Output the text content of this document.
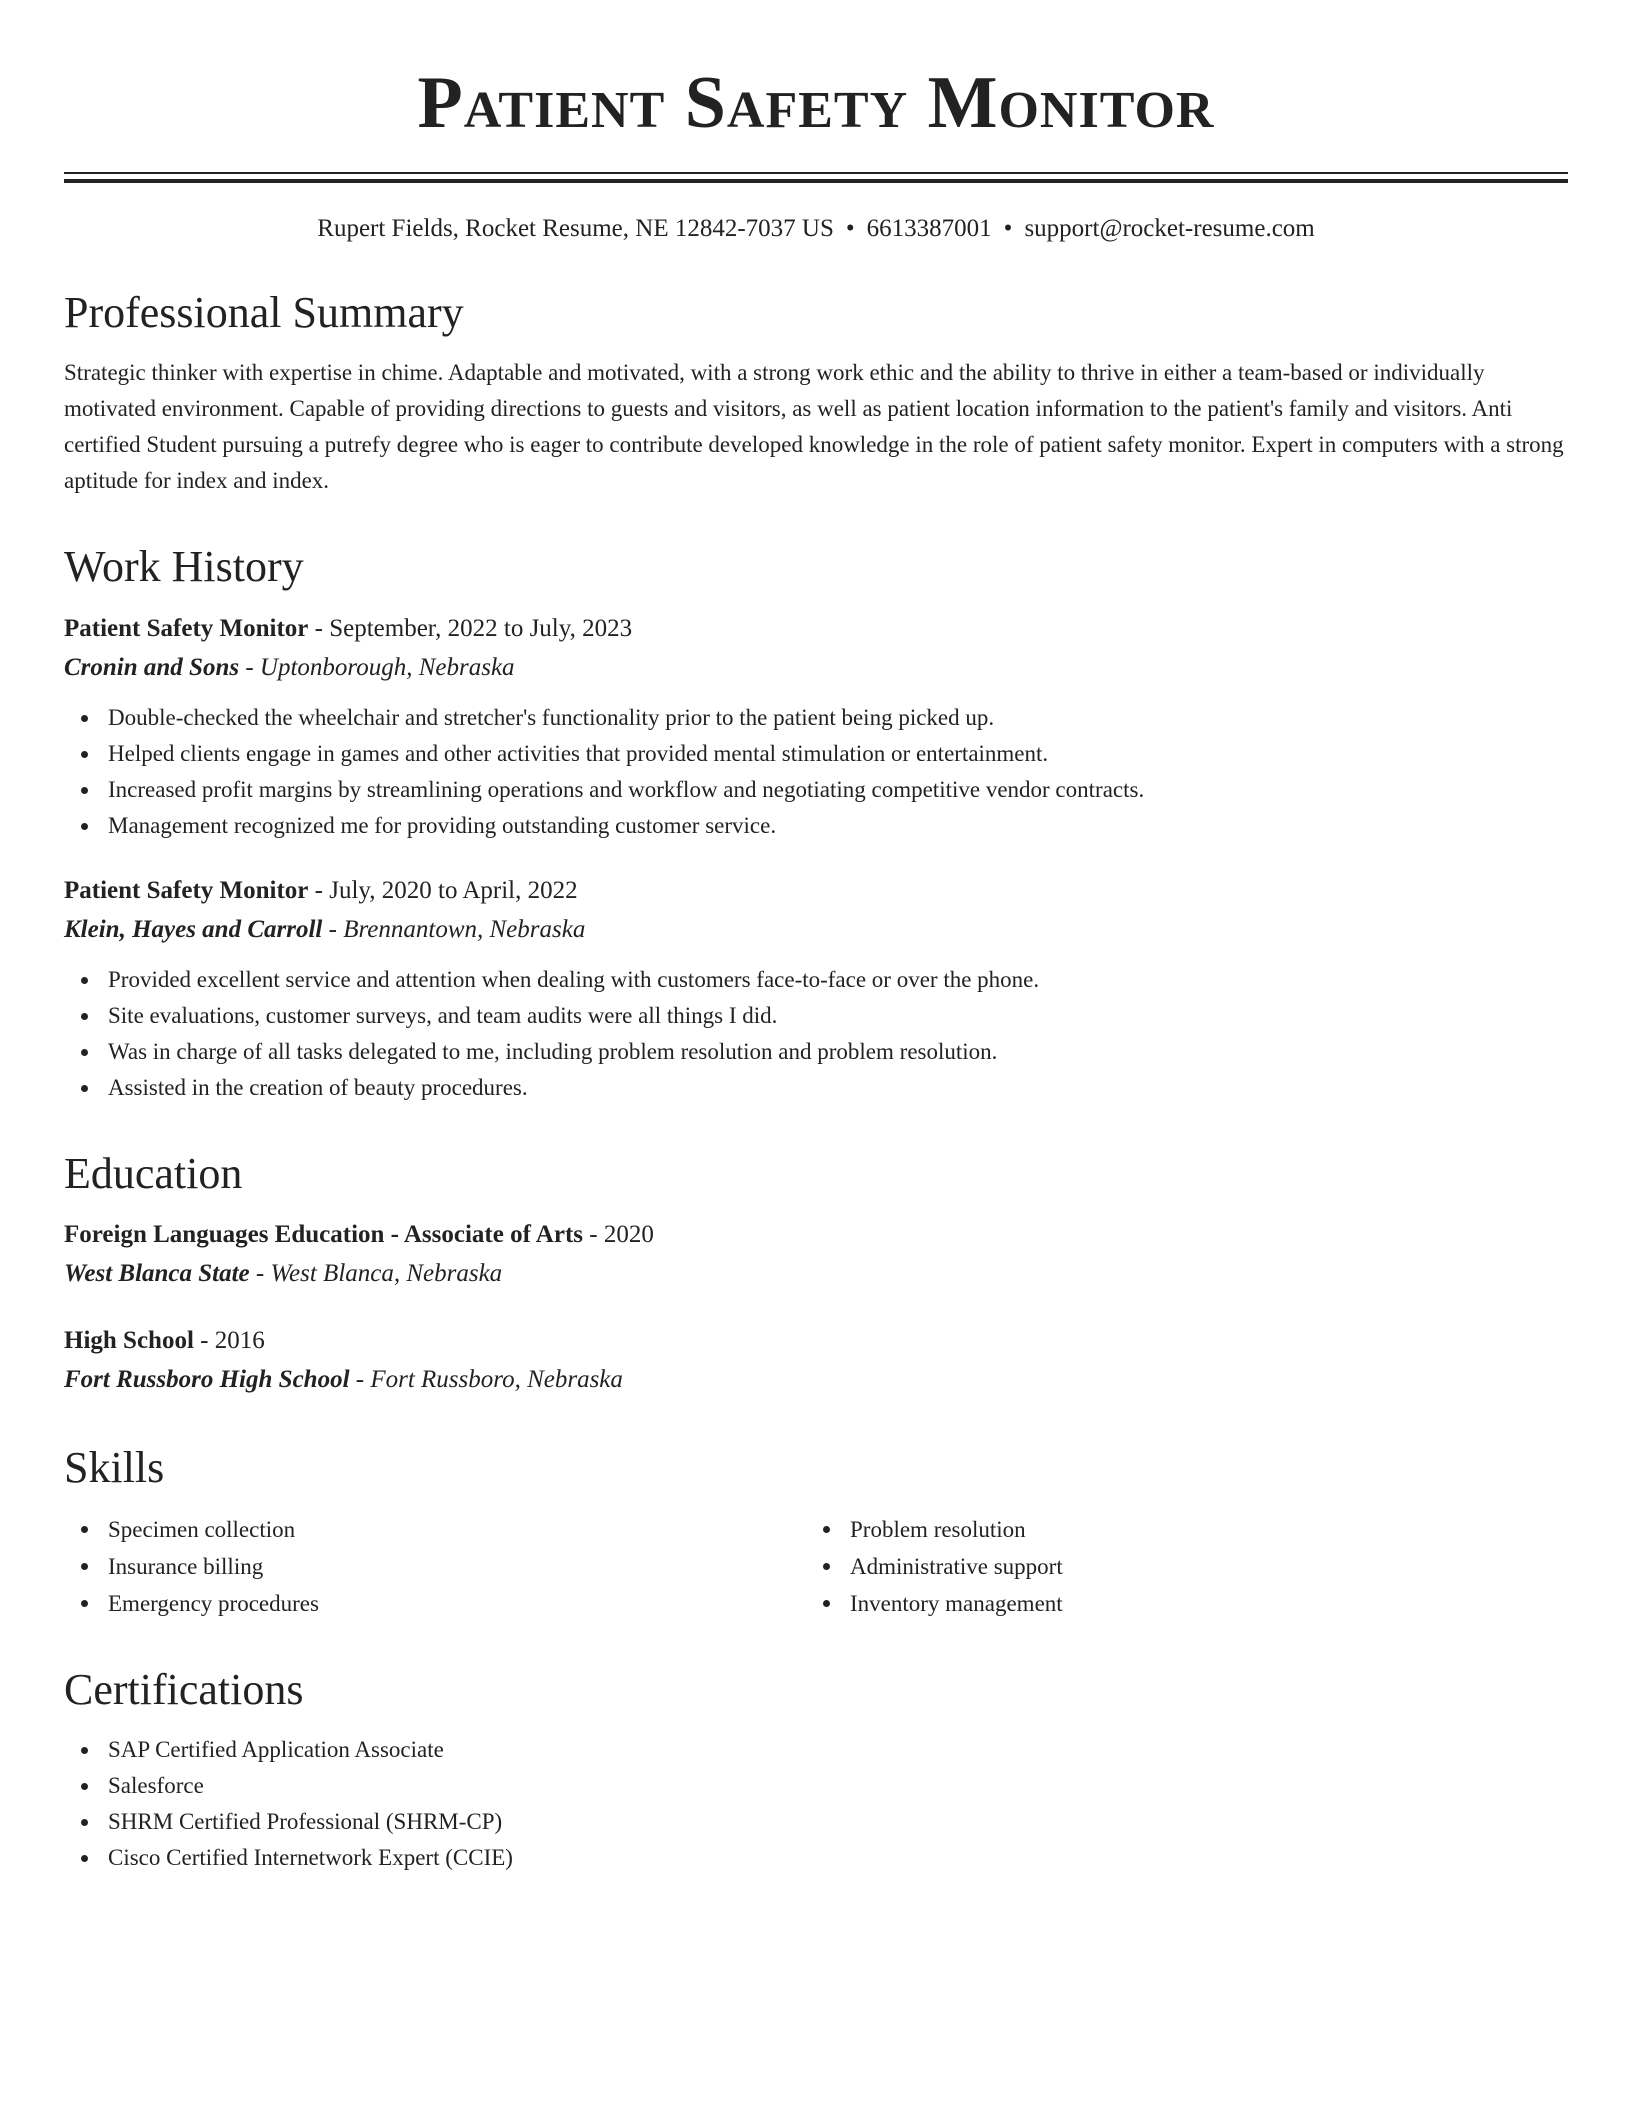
Patient Safety Monitor
Rupert Fields, Rocket Resume, NE 12842-7037 US • 6613387001 • support@rocket-resume.com
Professional Summary

Strategic thinker with expertise in chime. Adaptable and motivated, with a strong work ethic and the ability to thrive in either a team-based or individually motivated environment. Capable of providing directions to guests and visitors, as well as patient location information to the patient's family and visitors. Anti certified Student pursuing a putrefy degree who is eager to contribute developed knowledge in the role of patient safety monitor. Expert in computers with a strong aptitude for index and index.

Work History
Patient Safety Monitor - September, 2022 to July, 2023
Cronin and Sons - Uptonborough, Nebraska
Double-checked the wheelchair and stretcher's functionality prior to the patient being picked up.
Helped clients engage in games and other activities that provided mental stimulation or entertainment.
Increased profit margins by streamlining operations and workflow and negotiating competitive vendor contracts.
Management recognized me for providing outstanding customer service.
Patient Safety Monitor - July, 2020 to April, 2022
Klein, Hayes and Carroll - Brennantown, Nebraska
Provided excellent service and attention when dealing with customers face-to-face or over the phone.
Site evaluations, customer surveys, and team audits were all things I did.
Was in charge of all tasks delegated to me, including problem resolution and problem resolution.
Assisted in the creation of beauty procedures.
Education
Foreign Languages Education - Associate of Arts - 2020
West Blanca State - West Blanca, Nebraska
High School - 2016
Fort Russboro High School - Fort Russboro, Nebraska
Skills
Specimen collection
Insurance billing
Emergency procedures
Problem resolution
Administrative support
Inventory management
Certifications
SAP Certified Application Associate
Salesforce
SHRM Certified Professional (SHRM-CP)
Cisco Certified Internetwork Expert (CCIE)
